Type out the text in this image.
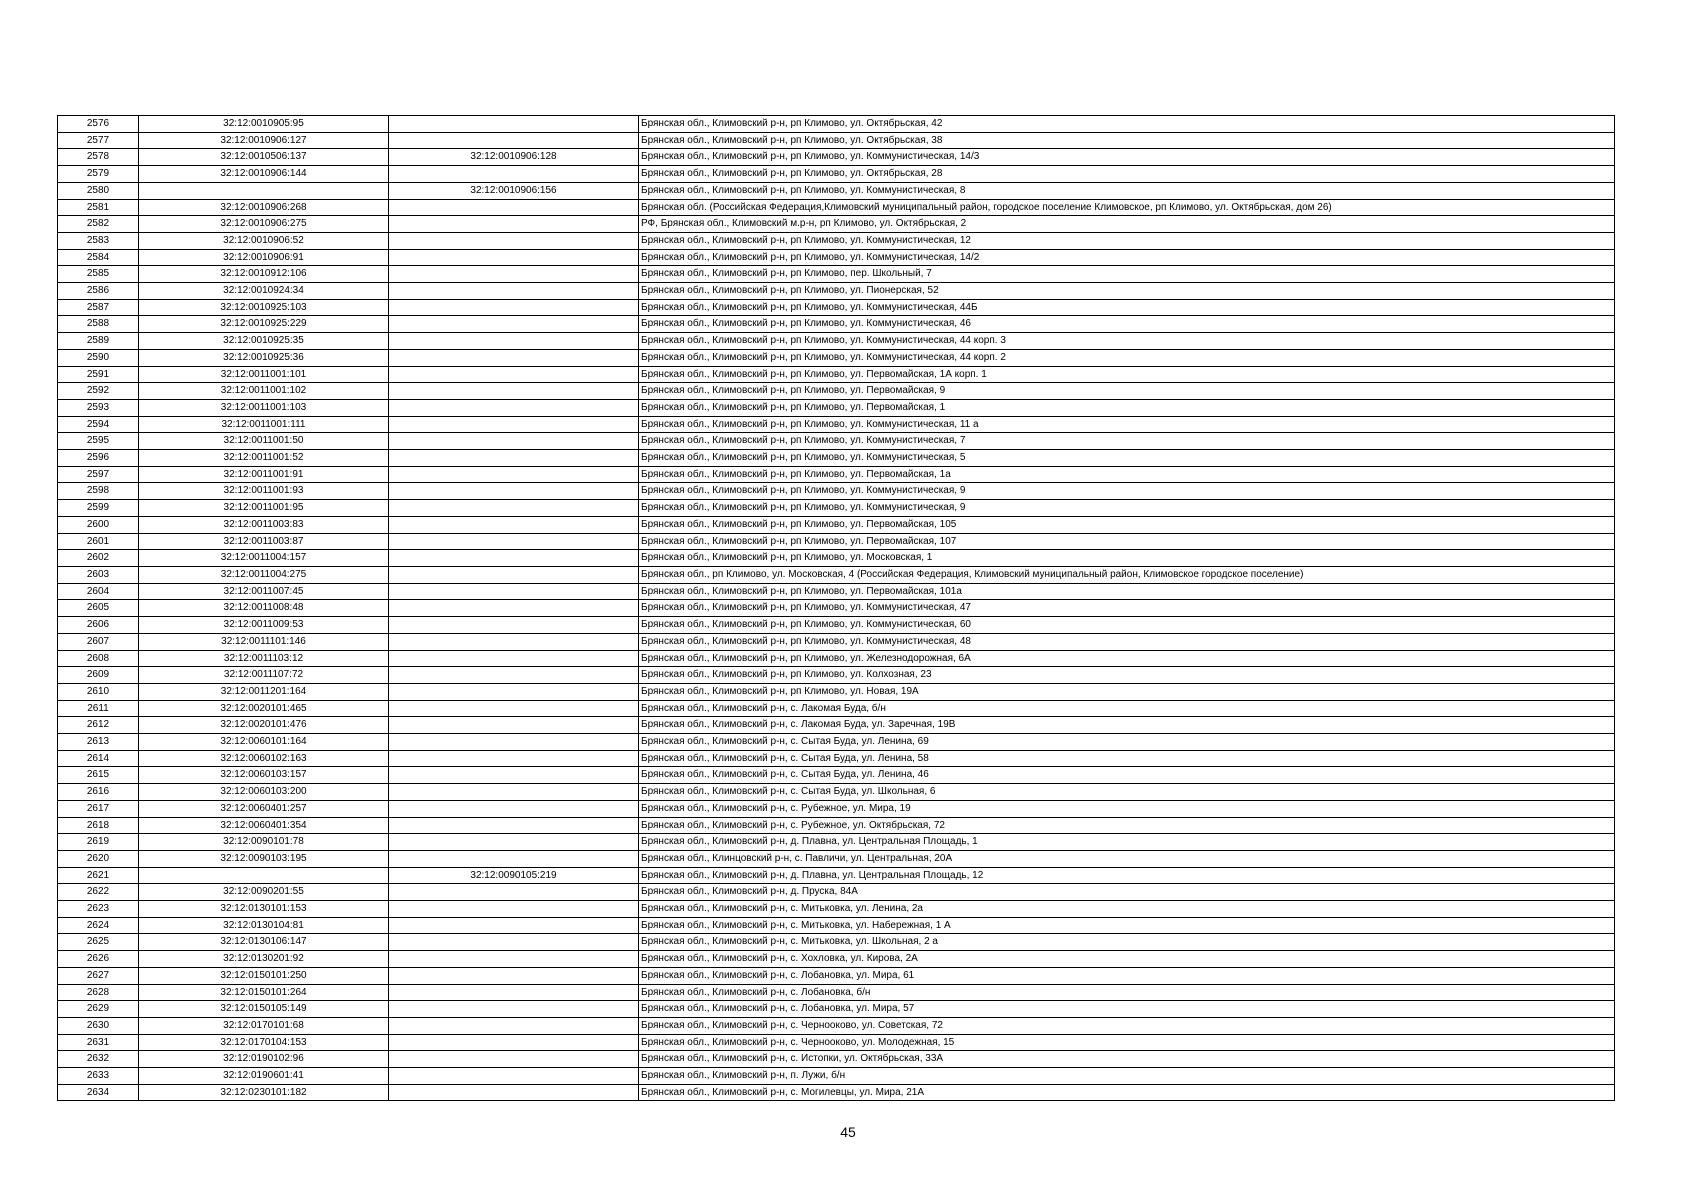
2576	32:12:0010905:95		Брянская обл., Климовский р-н, рп Климово, ул. Октябрьская, 42
2577	32:12:0010906:127		Брянская обл., Климовский р-н, рп Климово, ул. Октябрьская, 38
2578	32:12:0010506:137	32:12:0010906:128	Брянская обл., Климовский р-н, рп Климово, ул. Коммунистическая, 14/3
2579	32:12:0010906:144		Брянская обл., Климовский р-н, рп Климово, ул. Октябрьская, 28
2580		32:12:0010906:156	Брянская обл., Климовский р-н, рп Климово, ул. Коммунистическая, 8
2581	32:12:0010906:268		Брянская обл. (Российская Федерация,Климовский муниципальный район, городское поселение Климовское, рп Климово, ул. Октябрьская, дом 26)
2582	32:12:0010906:275		РФ, Брянская обл., Климовский м.р-н, рп Климово, ул. Октябрьская, 2
2583	32:12:0010906:52		Брянская обл., Климовский р-н, рп Климово, ул. Коммунистическая, 12
2584	32:12:0010906:91		Брянская обл., Климовский р-н, рп Климово, ул. Коммунистическая, 14/2
2585	32:12:0010912:106		Брянская обл., Климовский р-н, рп Климово, пер. Школьный, 7
2586	32:12:0010924:34		Брянская обл., Климовский р-н, рп Климово, ул. Пионерская, 52
2587	32:12:0010925:103		Брянская обл., Климовский р-н, рп Климово, ул. Коммунистическая, 44Б
2588	32:12:0010925:229		Брянская обл., Климовский р-н, рп Климово, ул. Коммунистическая, 46
2589	32:12:0010925:35		Брянская обл., Климовский р-н, рп Климово, ул. Коммунистическая, 44 корп. 3
2590	32:12:0010925:36		Брянская обл., Климовский р-н, рп Климово, ул. Коммунистическая, 44 корп. 2
2591	32:12:0011001:101		Брянская обл., Климовский р-н, рп Климово, ул. Первомайская, 1А корп. 1
2592	32:12:0011001:102		Брянская обл., Климовский р-н, рп Климово, ул. Первомайская, 9
2593	32:12:0011001:103		Брянская обл., Климовский р-н, рп Климово, ул. Первомайская, 1
2594	32:12:0011001:111		Брянская обл., Климовский р-н, рп Климово, ул. Коммунистическая, 11 а
2595	32:12:0011001:50		Брянская обл., Климовский р-н, рп Климово, ул. Коммунистическая, 7
2596	32:12:0011001:52		Брянская обл., Климовский р-н, рп Климово, ул. Коммунистическая, 5
2597	32:12:0011001:91		Брянская обл., Климовский р-н, рп Климово, ул. Первомайская, 1а
2598	32:12:0011001:93		Брянская обл., Климовский р-н, рп Климово, ул. Коммунистическая, 9
2599	32:12:0011001:95		Брянская обл., Климовский р-н, рп Климово, ул. Коммунистическая, 9
2600	32:12:0011003:83		Брянская обл., Климовский р-н, рп Климово, ул. Первомайская, 105
2601	32:12:0011003:87		Брянская обл., Климовский р-н, рп Климово, ул. Первомайская, 107
2602	32:12:0011004:157		Брянская обл., Климовский р-н, рп Климово, ул. Московская, 1
2603	32:12:0011004:275		Брянская обл., рп Климово, ул. Московская, 4 (Российская Федерация, Климовский муниципальный район, Климовское городское поселение)
2604	32:12:0011007:45		Брянская обл., Климовский р-н, рп Климово, ул. Первомайская, 101а
2605	32:12:0011008:48		Брянская обл., Климовский р-н, рп Климово, ул. Коммунистическая, 47
2606	32:12:0011009:53		Брянская обл., Климовский р-н, рп Климово, ул. Коммунистическая, 60
2607	32:12:0011101:146		Брянская обл., Климовский р-н, рп Климово, ул. Коммунистическая, 48
2608	32:12:0011103:12		Брянская обл., Климовский р-н, рп Климово, ул. Железнодорожная, 6А
2609	32:12:0011107:72		Брянская обл., Климовский р-н, рп Климово, ул. Колхозная, 23
2610	32:12:0011201:164		Брянская обл., Климовский р-н, рп Климово, ул. Новая, 19А
2611	32:12:0020101:465		Брянская обл., Климовский р-н, с. Лакомая Буда, б/н
2612	32:12:0020101:476		Брянская обл., Климовский р-н, с. Лакомая Буда, ул. Заречная, 19В
2613	32:12:0060101:164		Брянская обл., Климовский р-н, с. Сытая Буда, ул. Ленина, 69
2614	32:12:0060102:163		Брянская обл., Климовский р-н, с. Сытая Буда, ул. Ленина, 58
2615	32:12:0060103:157		Брянская обл., Климовский р-н, с. Сытая Буда, ул. Ленина, 46
2616	32:12:0060103:200		Брянская обл., Климовский р-н, с. Сытая Буда, ул. Школьная, 6
2617	32:12:0060401:257		Брянская обл., Климовский р-н, с. Рубежное, ул. Мира, 19
2618	32:12:0060401:354		Брянская обл., Климовский р-н, с. Рубежное, ул. Октябрьская, 72
2619	32:12:0090101:78		Брянская обл., Климовский р-н, д. Плавна, ул. Центральная Площадь, 1
2620	32:12:0090103:195		Брянская обл., Клинцовский р-н, с. Павличи, ул. Центральная, 20А
2621		32:12:0090105:219	Брянская обл., Климовский р-н, д. Плавна, ул. Центральная Площадь, 12
2622	32:12:0090201:55		Брянская обл., Климовский р-н, д. Пруска, 84А
2623	32:12:0130101:153		Брянская обл., Климовский р-н, с. Митьковка, ул. Ленина, 2а
2624	32:12:0130104:81		Брянская обл., Климовский р-н, с. Митьковка, ул. Набережная, 1 А
2625	32:12:0130106:147		Брянская обл., Климовский р-н, с. Митьковка, ул. Школьная, 2 а
2626	32:12:0130201:92		Брянская обл., Климовский р-н, с. Хохловка, ул. Кирова, 2А
2627	32:12:0150101:250		Брянская обл., Климовский р-н, с. Лобановка, ул. Мира, 61
2628	32:12:0150101:264		Брянская обл., Климовский р-н, с. Лобановка, б/н
2629	32:12:0150105:149		Брянская обл., Климовский р-н, с. Лобановка, ул. Мира, 57
2630	32:12:0170101:68		Брянская обл., Климовский р-н, с. Чернооково, ул. Советская, 72
2631	32:12:0170104:153		Брянская обл., Климовский р-н, с. Чернооково, ул. Молодежная, 15
2632	32:12:0190102:96		Брянская обл., Климовский р-н, с. Истопки, ул. Октябрьская, 33А
2633	32:12:0190601:41		Брянская обл., Климовский р-н, п. Лужи, б/н
2634	32:12:0230101:182		Брянская обл., Климовский р-н, с. Могилевцы, ул. Мира, 21А
45
